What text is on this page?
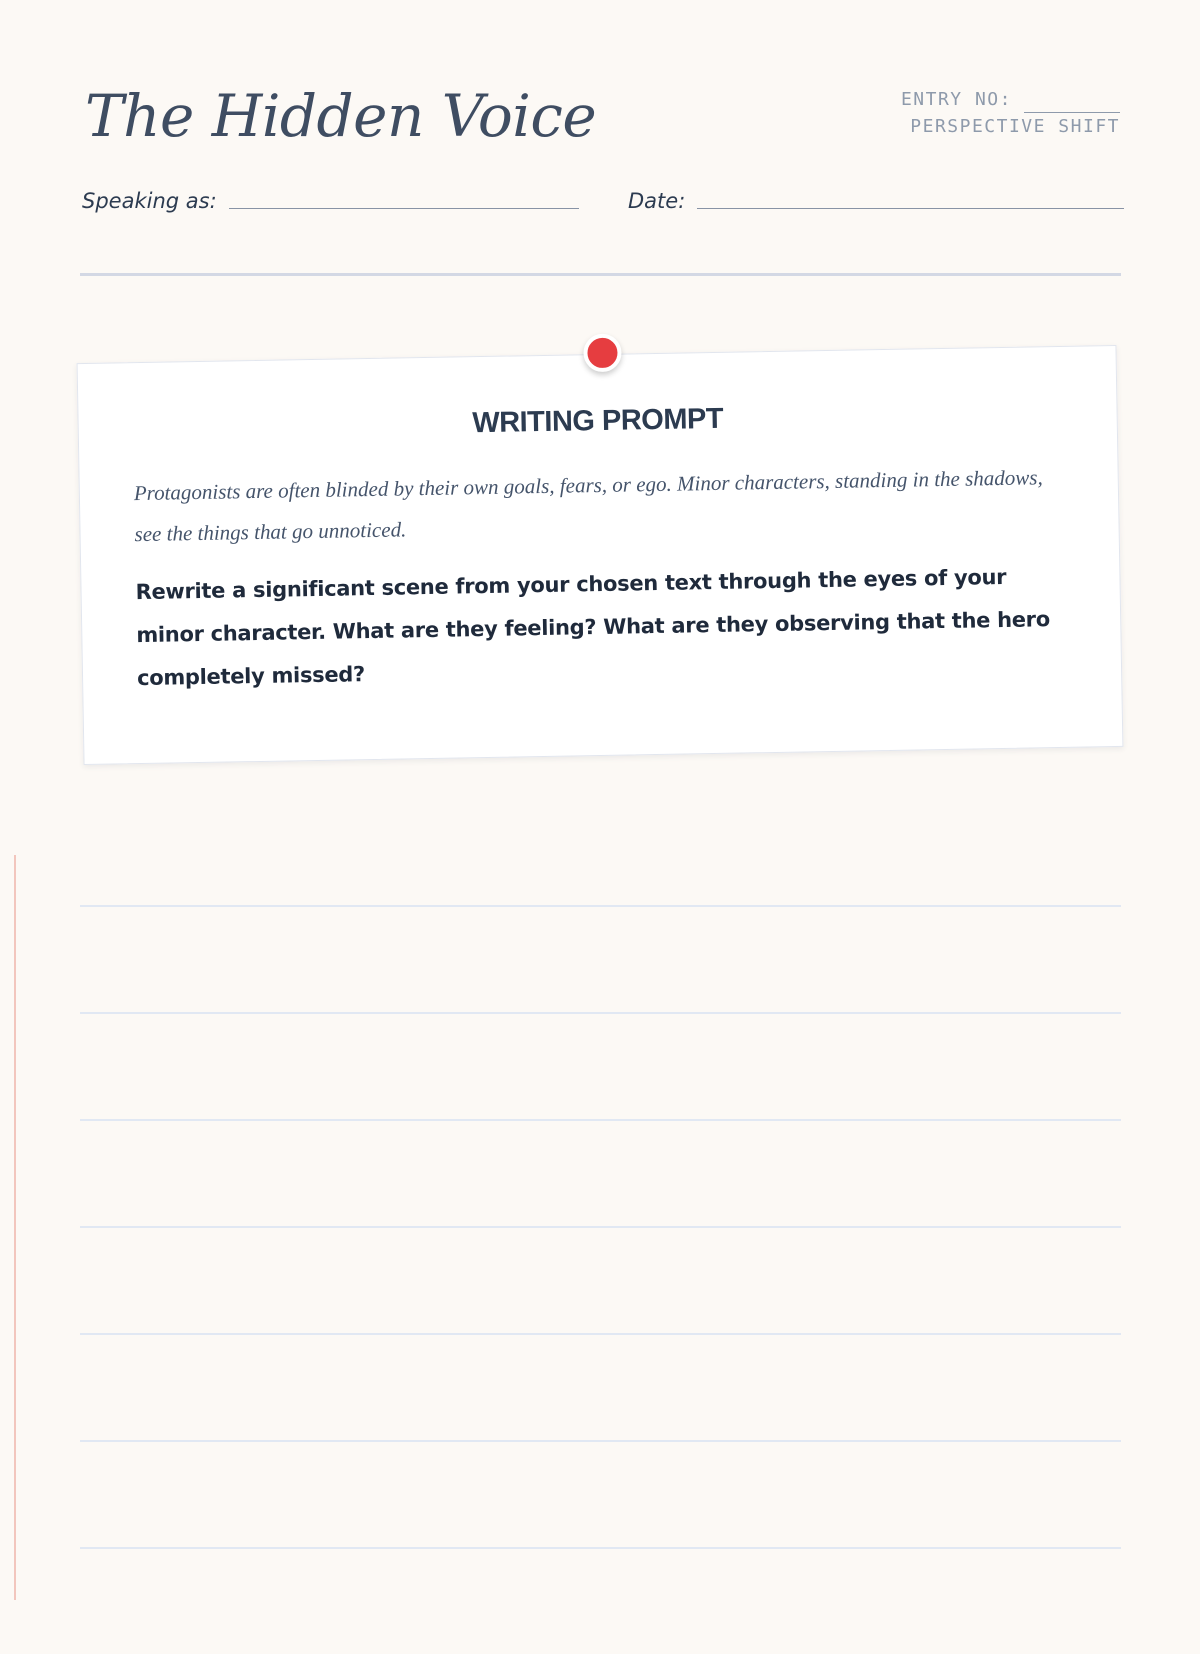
The Hidden Voice	ENTRY NO:
PERSPECTIVE SHIFT
Speaking as:	Date:
WRITING PROMPT

Protagonists are often blinded by their own goals, fears, or ego. Minor characters, standing in the shadows, see the things that go unnoticed.

Rewrite a significant scene from your chosen text through the eyes of your minor character. What are they feeling? What are they observing that the hero completely missed?
